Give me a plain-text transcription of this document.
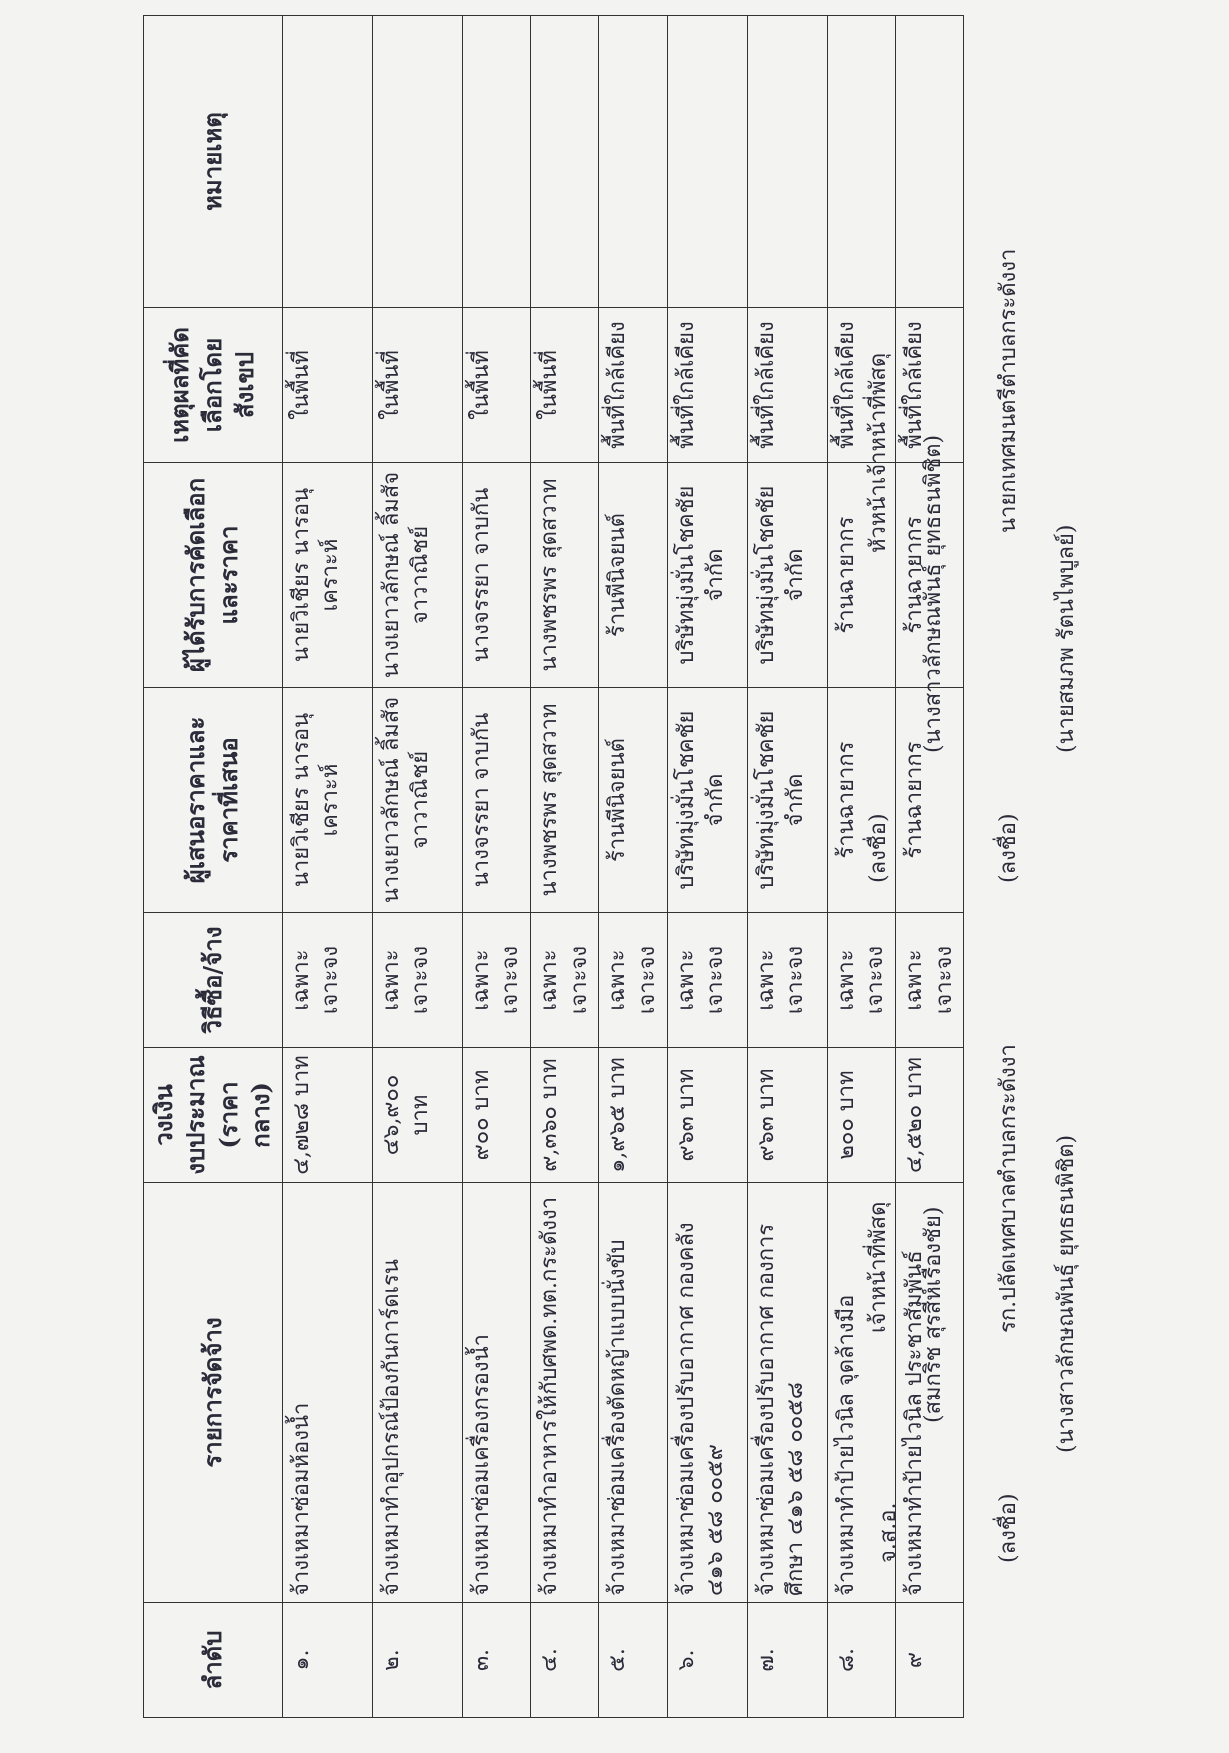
ลำดับ	รายการจัดจ้าง	วงเงิน งบประมาณ (ราคากลาง)	วิธีซื้อ/จ้าง	ผู้เสนอราคาและราคาที่เสนอ	ผู้ได้รับการคัดเลือกและราคา	เหตุผลที่คัดเลือกโดยสังเขป	หมายเหตุ
๑.	จ้างเหมาซ่อมห้องน้ำ	๔,๗๒๘ บาท	เฉพาะเจาะจง	นายวิเชียร นารอนุเคราะห์	นายวิเชียร นารอนุเคราะห์	ในพื้นที่	
๒.	จ้างเหมาทำอุปกรณ์ป้องกันการ์ดเรน	๔๖,๙๐๐ บาท	เฉพาะเจาะจง	นางเยาวลักษณ์ ลิ้มสัจจาวาณิชย์	นางเยาวลักษณ์ ลิ้มสัจจาวาณิชย์	ในพื้นที่	
๓.	จ้างเหมาซ่อมเครื่องกรองน้ำ	๙๐๐ บาท	เฉพาะเจาะจง	นางจรรยา จาบกัน	นางจรรยา จาบกัน	ในพื้นที่	
๔.	จ้างเหมาทำอาหารให้กับศพด.ทต.กระดังงา	๙,๓๖๐ บาท	เฉพาะเจาะจง	นางพชรพร สุดสวาท	นางพชรพร สุดสวาท	ในพื้นที่	
๕.	จ้างเหมาซ่อมเครื่องตัดหญ้าแบบนั่งขับ	๑,๙๖๕ บาท	เฉพาะเจาะจง	ร้านพีนิจยนต์	ร้านพีนิจยนต์	พื้นที่ใกล้เคียง	
๖.	จ้างเหมาซ่อมเครื่องปรับอากาศ กองคลัง ๔๑๖ ๕๘ ๐๐๕๙	๙๖๓ บาท	เฉพาะเจาะจง	บริษัทมุ่งมั่นโชคชัยจำกัด	บริษัทมุ่งมั่นโชคชัยจำกัด	พื้นที่ใกล้เคียง	
๗.	จ้างเหมาซ่อมเครื่องปรับอากาศ กองการศึกษา ๔๑๖ ๕๘ ๐๐๕๘	๙๖๓ บาท	เฉพาะเจาะจง	บริษัทมุ่งมั่นโชคชัยจำกัด	บริษัทมุ่งมั่นโชคชัยจำกัด	พื้นที่ใกล้เคียง	
๘.	จ้างเหมาทำป้ายไวนิล จุดล้างมือ	๒๐๐ บาท	เฉพาะเจาะจง	ร้านฉายากร	ร้านฉายากร	พื้นที่ใกล้เคียง	
๙	จ้างเหมาทำป้ายไวนิล ประชาสัมพันธ์	๔,๕๒๐ บาท	เฉพาะเจาะจง	ร้านฉายากร	ร้านฉายากร	พื้นที่ใกล้เคียง	
จ.ส.อ.
เจ้าหน้าที่พัสดุ (สมกริช สุรสีห์เรืองชัย)
(ลงชื่อ)
หัวหน้าเจ้าหน้าที่พัสดุ (นางสาวลักษณพันธุ์ ยุทธธนพิชิต)
(ลงชื่อ)
รก.ปลัดเทศบาลตำบลกระดังงา (นางสาวลักษณพันธุ์ ยุทธธนพิชิต)
(ลงชื่อ)
นายกเทศมนตรีตำบลกระดังงา
(นายสมภพ รัตนไพบูลย์)
